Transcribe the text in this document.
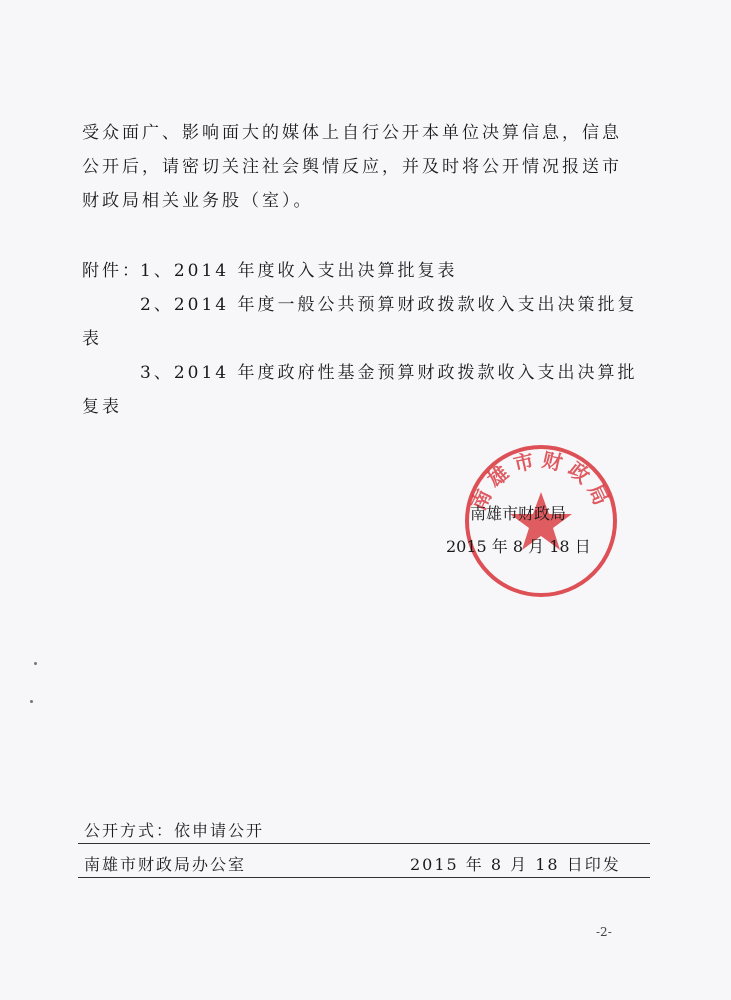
受众面广、影响面大的媒体上自行公开本单位决算信息，信息
公开后，请密切关注社会舆情反应，并及时将公开情况报送市
财政局相关业务股（室）。
附件：
1、2014 年度收入支出决算批复表
2、2014 年度一般公共预算财政拨款收入支出决策批复
表
3、2014 年度政府性基金预算财政拨款收入支出决算批
复表
南雄市财政局
南雄市财政局
2015 年 8 月 18 日
公开方式：依申请公开
南雄市财政局办公室	2015 年 8 月 18 日印发
-2-
